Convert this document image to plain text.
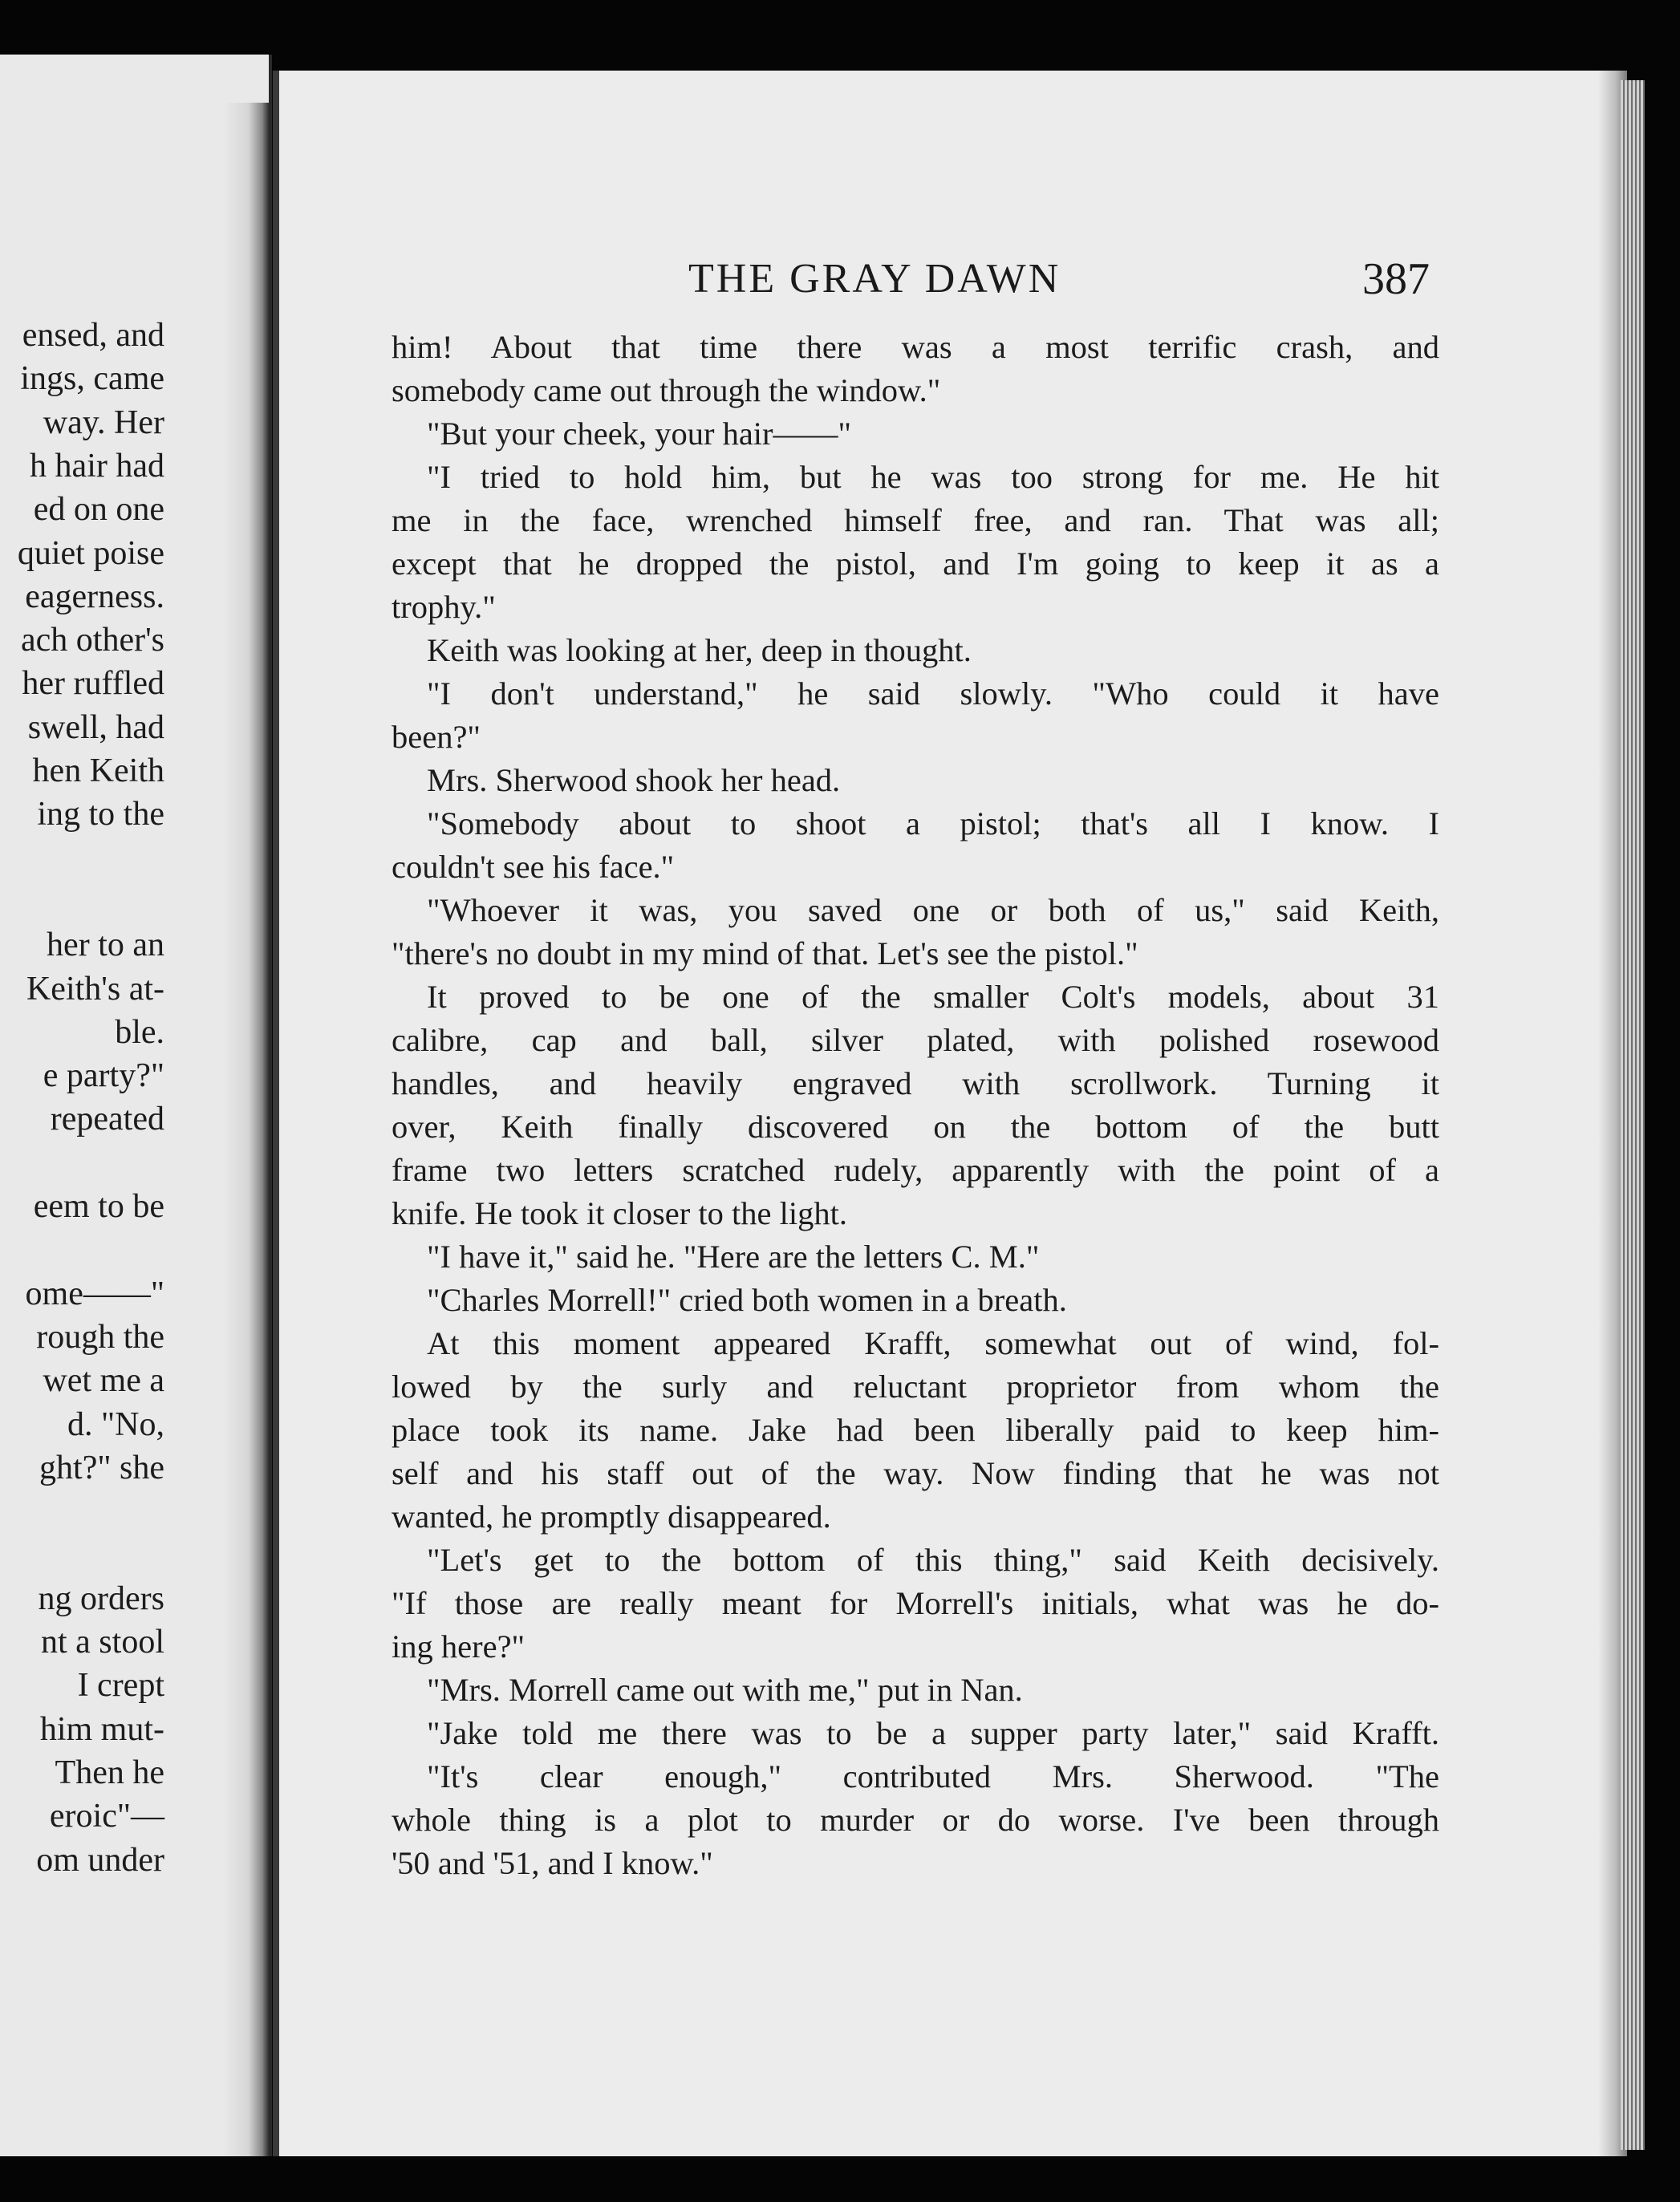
ensed, and
ings, came
way. Her
h hair had
ed on one
quiet poise
eagerness.
ach other's
her ruffled
swell, had
hen Keith
ing to the
her to an
Keith's at-
ble.
e party?"
repeated
eem to be
ome——"
rough the
wet me a
d. "No,
ght?" she
ng orders
nt a stool
I crept
him mut-
Then he
eroic"—
om under
THE GRAY DAWN	387
him! About that time there was a most terrific crash, and
somebody came out through the window."
"But your cheek, your hair——"
"I tried to hold him, but he was too strong for me. He hit
me in the face, wrenched himself free, and ran. That was all;
except that he dropped the pistol, and I'm going to keep it as a
trophy."
Keith was looking at her, deep in thought.
"I don't understand," he said slowly. "Who could it have
been?"
Mrs. Sherwood shook her head.
"Somebody about to shoot a pistol; that's all I know. I
couldn't see his face."
"Whoever it was, you saved one or both of us," said Keith,
"there's no doubt in my mind of that. Let's see the pistol."
It proved to be one of the smaller Colt's models, about 31
calibre, cap and ball, silver plated, with polished rosewood
handles, and heavily engraved with scrollwork. Turning it
over, Keith finally discovered on the bottom of the butt
frame two letters scratched rudely, apparently with the point of a
knife. He took it closer to the light.
"I have it," said he. "Here are the letters C. M."
"Charles Morrell!" cried both women in a breath.
At this moment appeared Krafft, somewhat out of wind, fol-
lowed by the surly and reluctant proprietor from whom the
place took its name. Jake had been liberally paid to keep him-
self and his staff out of the way. Now finding that he was not
wanted, he promptly disappeared.
"Let's get to the bottom of this thing," said Keith decisively.
"If those are really meant for Morrell's initials, what was he do-
ing here?"
"Mrs. Morrell came out with me," put in Nan.
"Jake told me there was to be a supper party later," said Krafft.
"It's clear enough," contributed Mrs. Sherwood. "The
whole thing is a plot to murder or do worse. I've been through
'50 and '51, and I know."
